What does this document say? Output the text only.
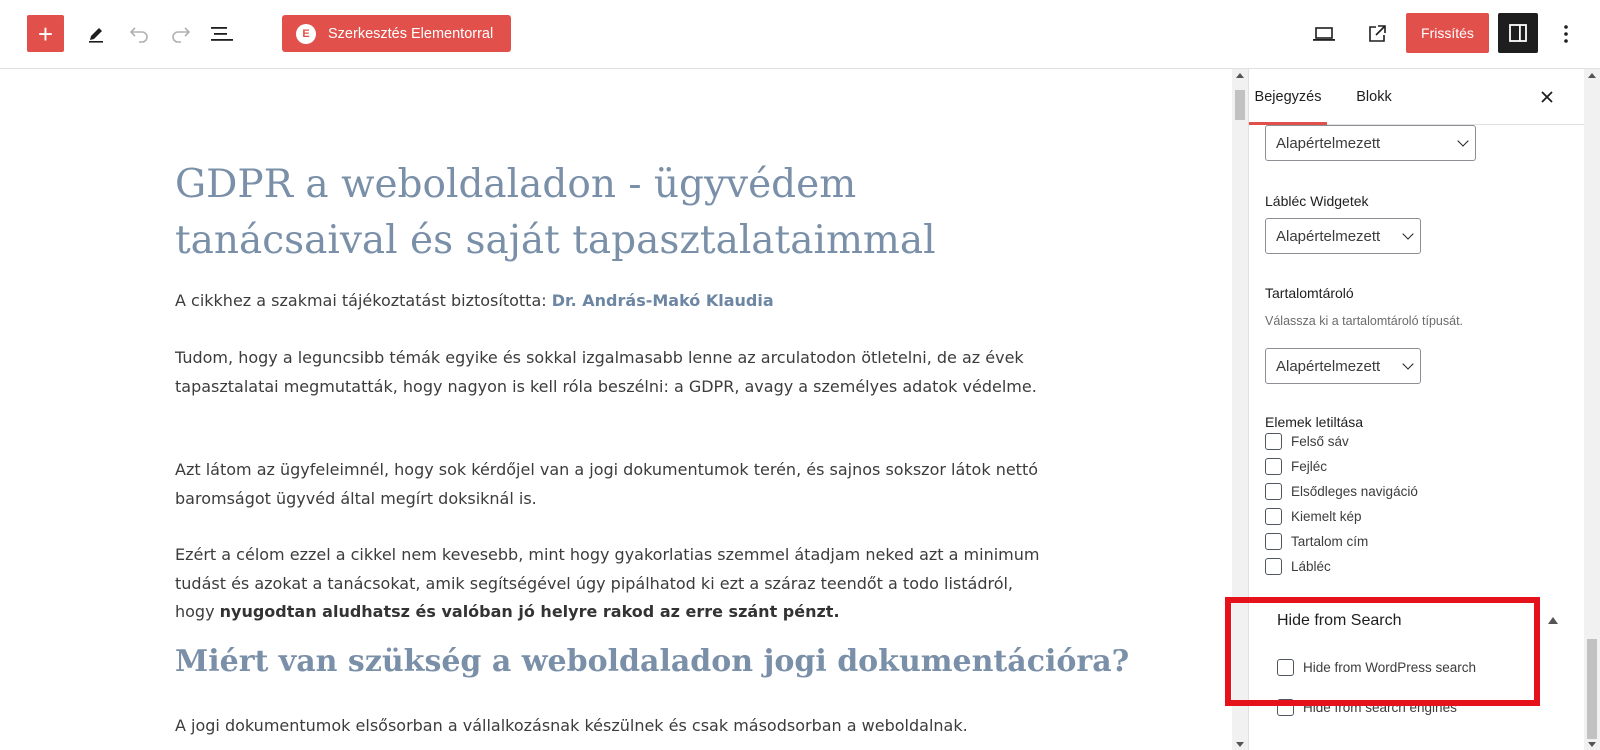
+	E Szerkesztés Elementorral	Frissítés
GDPR a weboldaladon - ügyvédem tanácsaival és saját tapasztalataimmal

A cikkhez a szakmai tájékoztatást biztosította: Dr. András-Makó Klaudia

Tudom, hogy a leguncsibb témák egyike és sokkal izgalmasabb lenne az arculatodon ötletelni, de az évek tapasztalatai megmutatták, hogy nagyon is kell róla beszélni: a GDPR, avagy a személyes adatok védelme.

Azt látom az ügyfeleimnél, hogy sok kérdőjel van a jogi dokumentumok terén, és sajnos sokszor látok nettó baromságot ügyvéd által megírt doksiknál is.

Ezért a célom ezzel a cikkel nem kevesebb, mint hogy gyakorlatias szemmel átadjam neked azt a minimum tudást és azokat a tanácsokat, amik segítségével úgy pipálhatod ki ezt a száraz teendőt a todo listádról, hogy nyugodtan aludhatsz és valóban jó helyre rakod az erre szánt pénzt.

Miért van szükség a weboldaladon jogi dokumentációra?

A jogi dokumentumok elsősorban a vállalkozásnak készülnek és csak másodsorban a weboldalnak.

Bejegyzés	Blokk
Alapértelmezett
Lábléc Widgetek
Alapértelmezett
Tartalomtároló
Válassza ki a tartalomtároló típusát.
Alapértelmezett
Elemek letiltása
Felső sáv
Fejléc
Elsődleges navigáció
Kiemelt kép
Tartalom cím
Lábléc
Hide from Search
Hide from WordPress search
Hide from search engines
